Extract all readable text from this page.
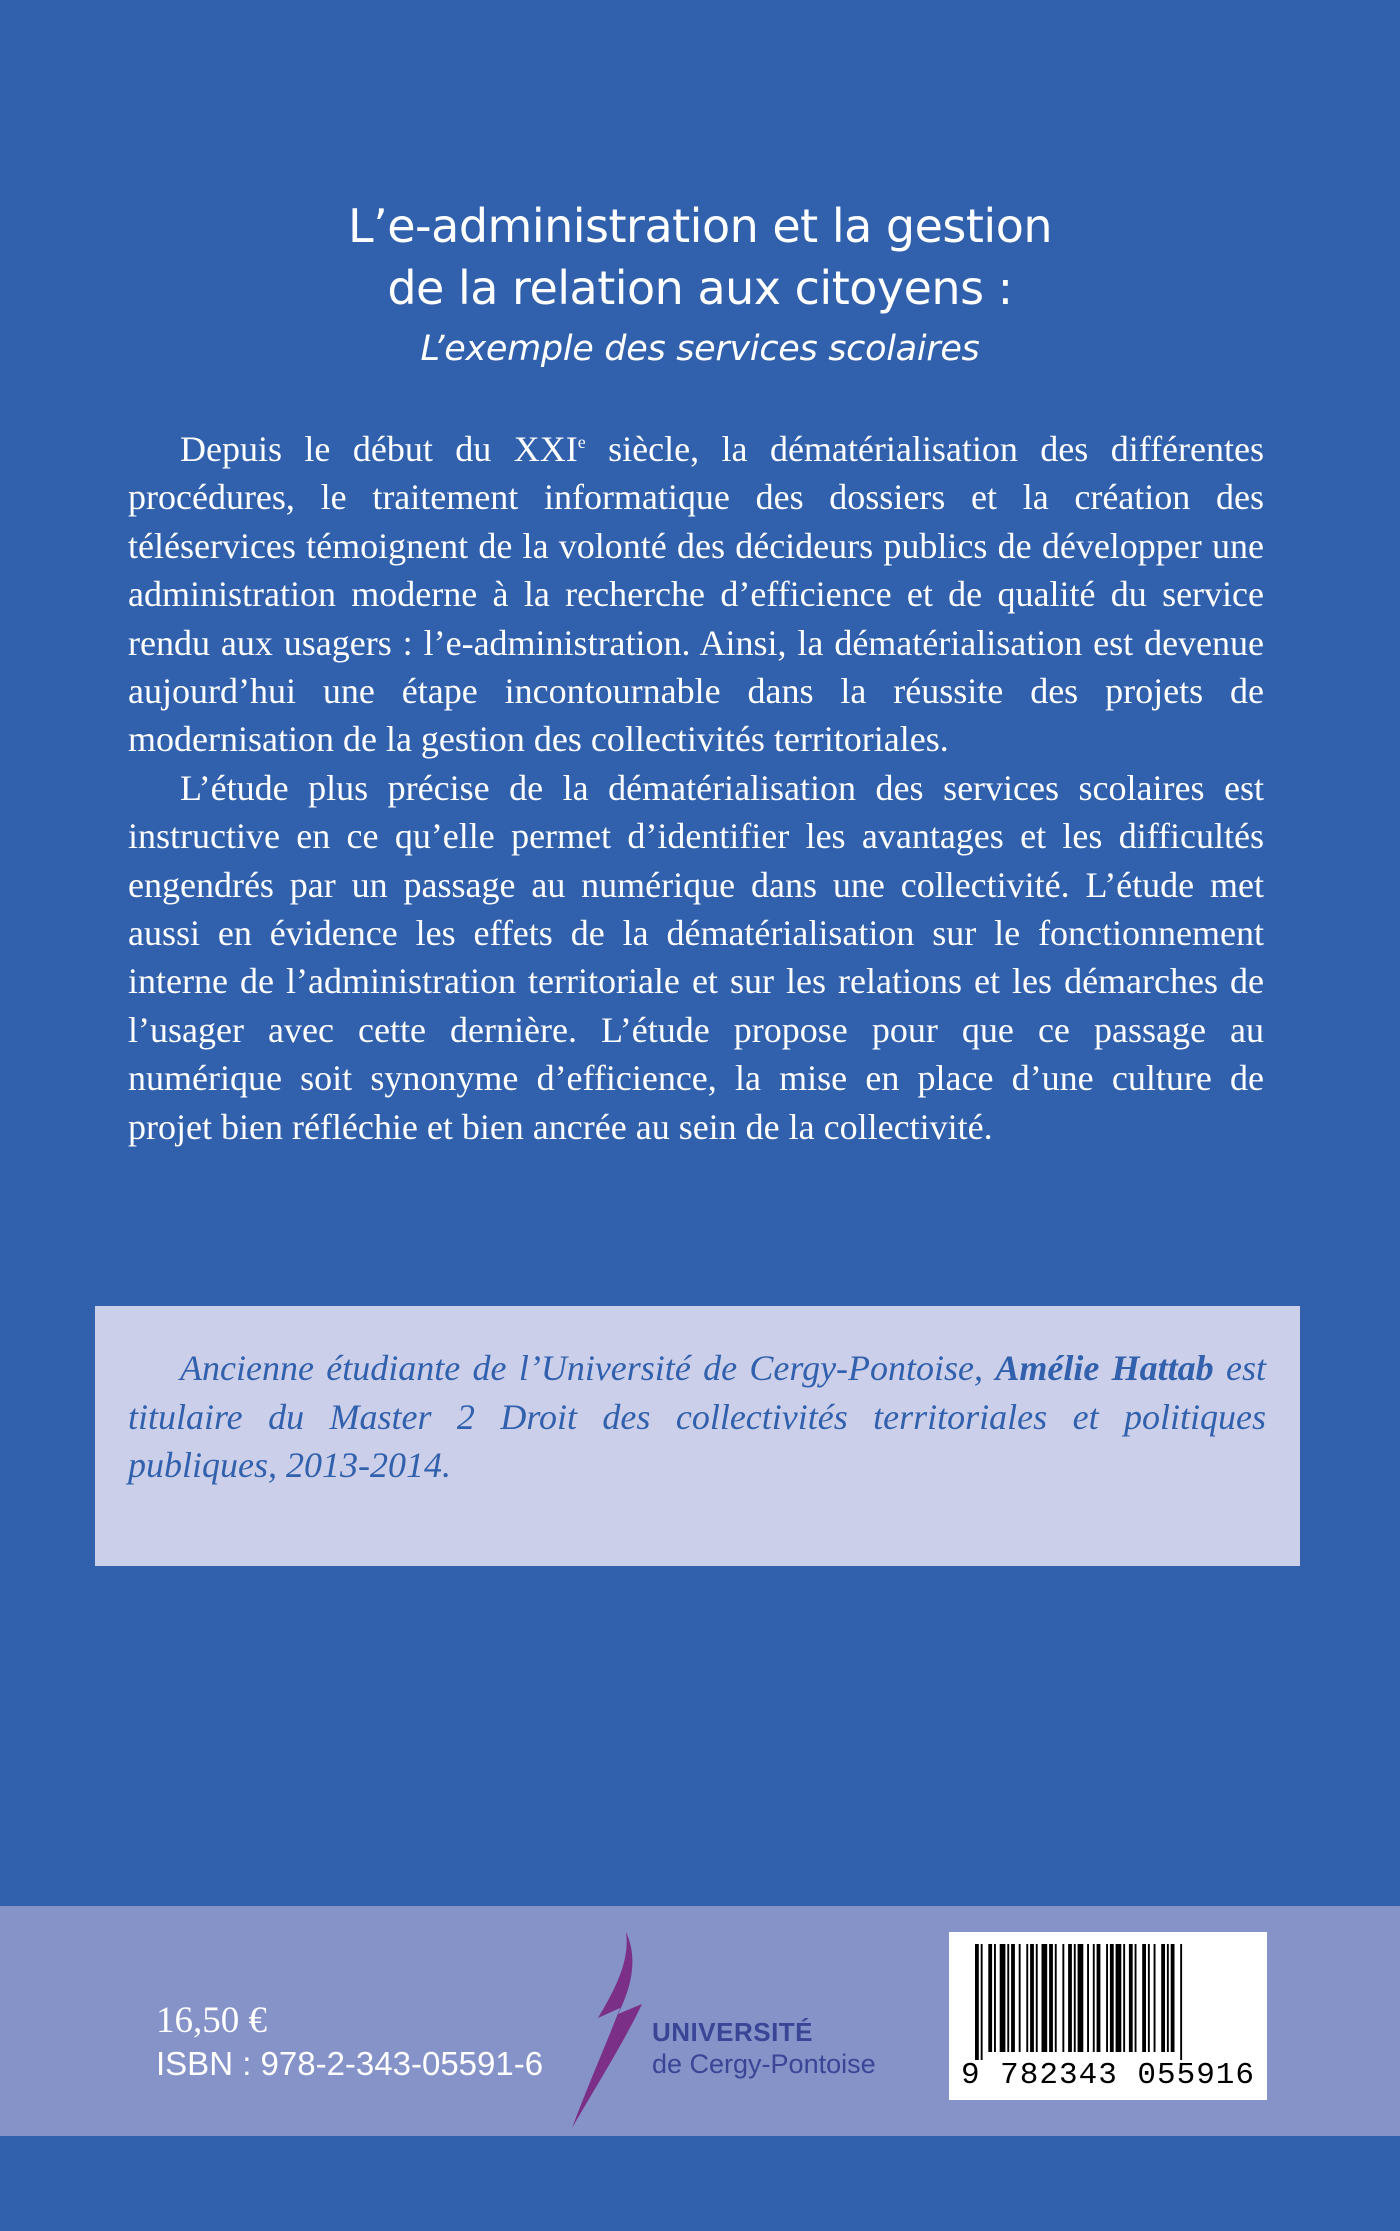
L’e-administration et la gestion
de la relation aux citoyens :
L’exemple des services scolaires

Depuis le début du XXIe siècle, la dématérialisation des différentes procédures, le traitement informatique des dossiers et la création des téléservices témoignent de la volonté des décideurs publics de développer une administration moderne à la recherche d’efficience et de qualité du service rendu aux usagers : l’e-administration. Ainsi, la dématérialisation est devenue aujourd’hui une étape incontournable dans la réussite des projets de modernisation de la gestion des collectivités territoriales.

L’étude plus précise de la dématérialisation des services scolaires est instructive en ce qu’elle permet d’identifier les avantages et les difficultés engendrés par un passage au numérique dans une collectivité. L’étude met aussi en évidence les effets de la dématérialisation sur le fonctionnement interne de l’administration territoriale et sur les relations et les démarches de l’usager avec cette dernière. L’étude propose pour que ce passage au numérique soit synonyme d’efficience, la mise en place d’une culture de projet bien réfléchie et bien ancrée au sein de la collectivité.

Ancienne étudiante de l’Université de Cergy-Pontoise, Amélie Hattab est titulaire du Master 2 Droit des collectivités territoriales et politiques publiques, 2013-2014.

16,50 €
ISBN : 978-2-343-05591-6
UNIVERSITÉ
de Cergy-Pontoise	9 782343 055916
